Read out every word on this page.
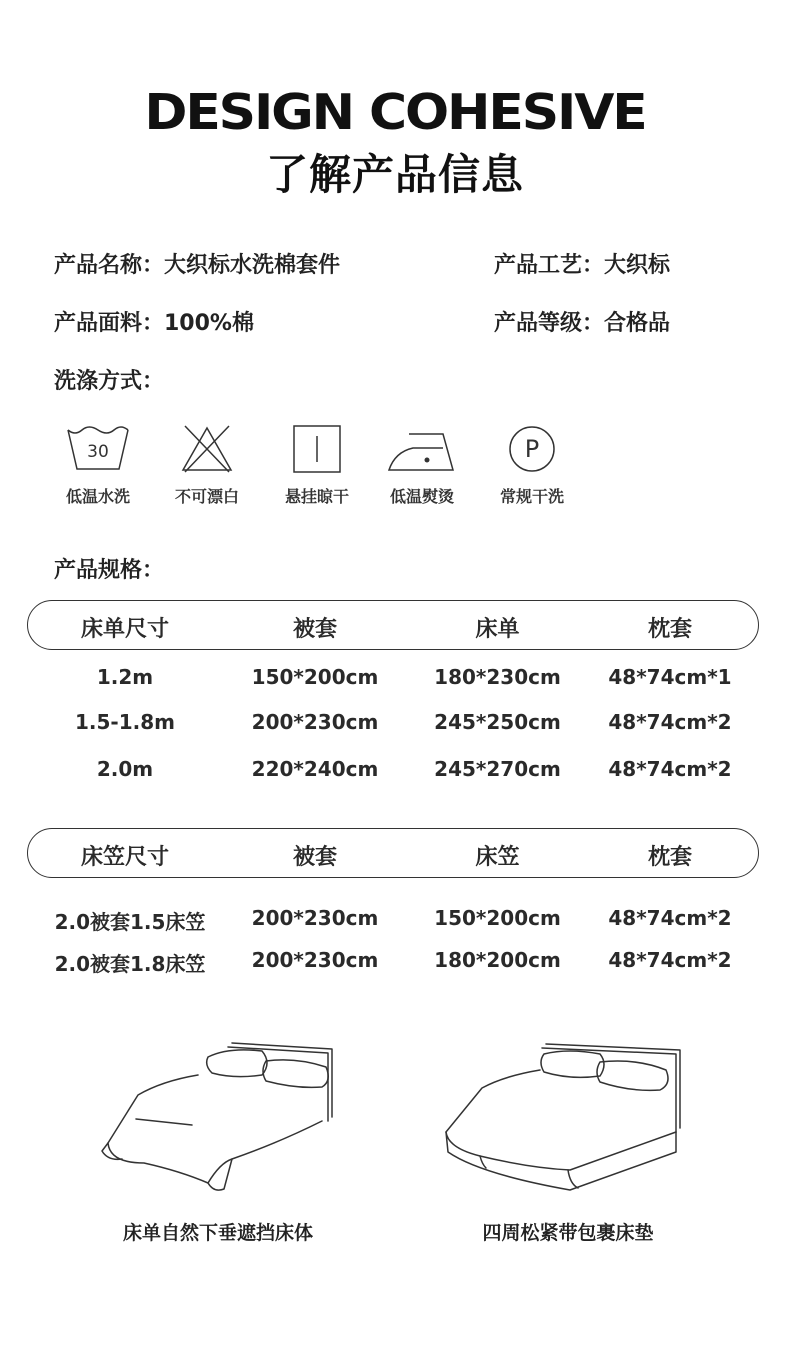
DESIGN COHESIVE
了解产品信息
产品名称：大织标水洗棉套件	产品工艺：大织标
产品面料：100%棉	产品等级：合格品
洗涤方式：
30
低温水洗	不可漂白	悬挂晾干	低温熨烫
P
常规干洗
产品规格：
床单尺寸	被套	床单	枕套
1.2m	150*200cm	180*230cm	48*74cm*1
1.5-1.8m	200*230cm	245*250cm	48*74cm*2
2.0m	220*240cm	245*270cm	48*74cm*2
床笠尺寸	被套	床笠	枕套
2.0被套1.5床笠	200*230cm	150*200cm	48*74cm*2
2.0被套1.8床笠	200*230cm	180*200cm	48*74cm*2
床单自然下垂遮挡床体	四周松紧带包裹床垫
